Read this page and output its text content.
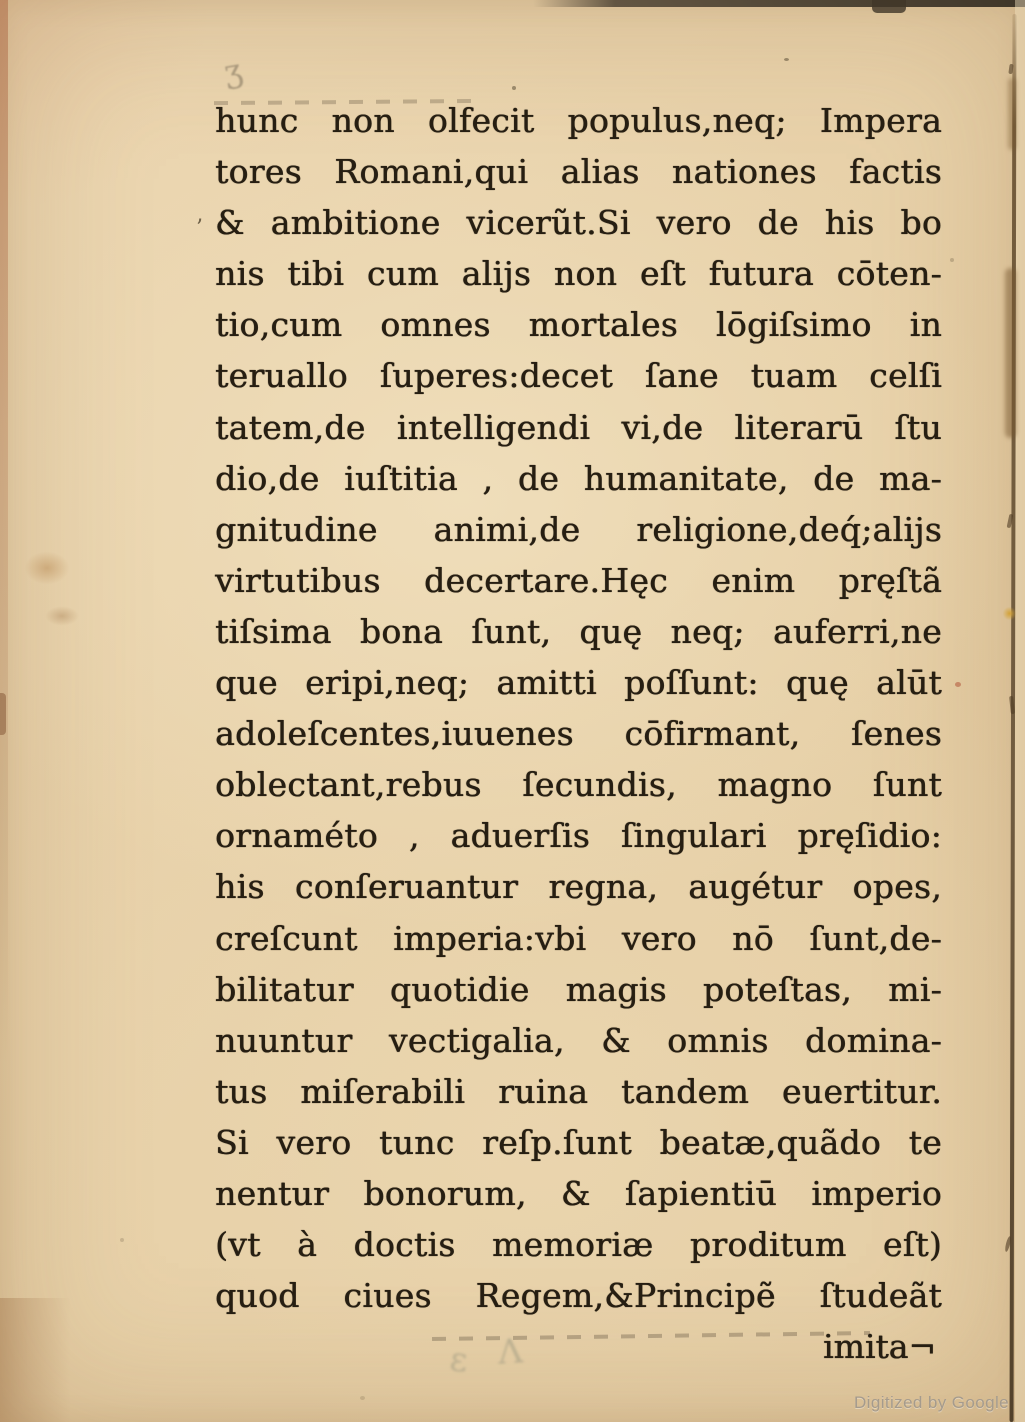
ʒ
’
ε Λ
hunc non olfecit populus,neq; Impera
tores Romani,qui alias nationes factis
& ambitione vicerũt.Si vero de his bo
nis tibi cum alijs non eſt futura cōten-
tio,cum omnes mortales lōgiſsimo in
teruallo ſuperes:decet ſane tuam celſi
tatem,de intelligendi vi,de literarū ſtu
dio,de iuſtitia , de humanitate, de ma-
gnitudine animi,de religione,deq́;alijs
virtutibus decertare.Hęc enim pręſtã
tiſsima bona ſunt, quę neq; auferri,ne
que eripi,neq; amitti poſſunt: quę alūt
adoleſcentes,iuuenes cōfirmant, ſenes
oblectant,rebus ſecundis, magno ſunt
ornaméto , aduerſis ſingulari pręſidio:
his conſeruantur regna, augétur opes,
creſcunt imperia:vbi vero nō ſunt,de-
bilitatur quotidie magis poteſtas, mi-
nuuntur vectigalia, & omnis domina-
tus miſerabili ruina tandem euertitur.
Si vero tunc reſp.ſunt beatæ,quãdo te
nentur bonorum, & ſapientiū imperio
(vt à doctis memoriæ proditum eſt)
quod ciues Regem,&Principẽ ſtudeãt
imita¬
Digitized by Google
